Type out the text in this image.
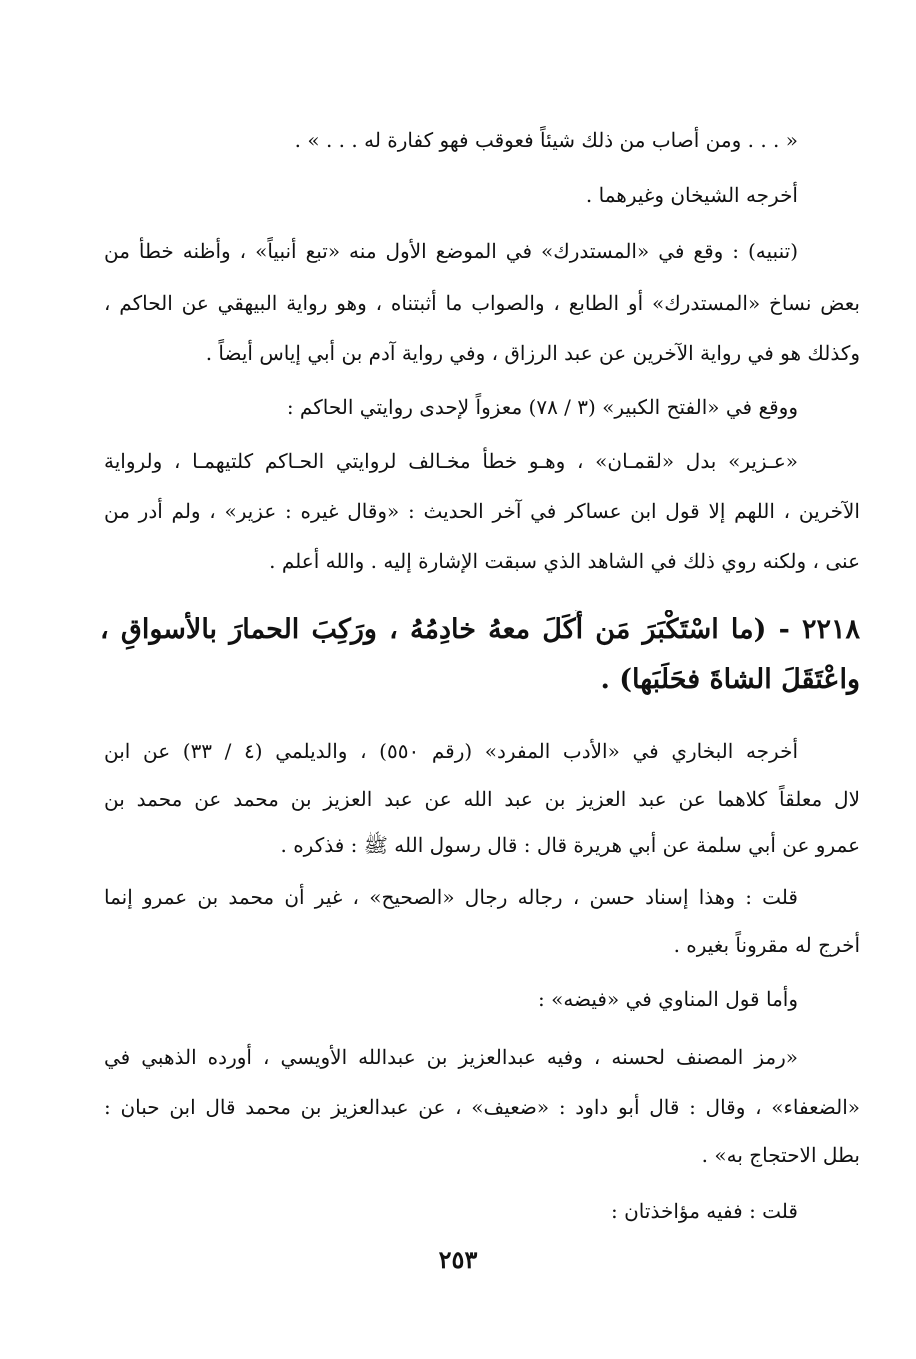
« . . . ومن أصاب من ذلك شيئاً فعوقب فهو كفارة له . . . » .
أخرجه الشيخان وغيرهما .
(تنبيه) : وقع في «المستدرك» في الموضع الأول منه «تبع أنبياً» ، وأظنه خطأ من
بعض نساخ «المستدرك» أو الطابع ، والصواب ما أثبتناه ، وهو رواية البيهقي عن الحاكم ،
وكذلك هو في رواية الآخرين عن عبد الرزاق ، وفي رواية آدم بن أبي إياس أيضاً .
ووقع في «الفتح الكبير» (٣ / ٧٨) معزواً لإحدى روايتي الحاكم :
«عـزير» بدل «لقمـان» ، وهـو خطأ مخـالف لروايتي الحـاكم كلتيهمـا ، ولرواية
الآخرين ، اللهم إلا قول ابن عساكر في آخر الحديث : «وقال غيره : عزير» ، ولم أدر من
عنى ، ولكنه روي ذلك في الشاهد الذي سبقت الإشارة إليه . والله أعلم .
٢٢١٨ - (ما اسْتَكْبَرَ مَن أَكَلَ معهُ خادِمُهُ ، ورَكِبَ الحمارَ بالأسواقِ ،
واعْتَقَلَ الشاةَ فحَلَبَها) .
أخرجه البخاري في «الأدب المفرد» (رقم ٥٥٠) ، والديلمي (٤ / ٣٣) عن ابن
لال معلقاً كلاهما عن عبد العزيز بن عبد الله عن عبد العزيز بن محمد عن محمد بن
عمرو عن أبي سلمة عن أبي هريرة قال : قال رسول الله ﷺ : فذكره .
قلت : وهذا إسناد حسن ، رجاله رجال «الصحيح» ، غير أن محمد بن عمرو إنما
أخرج له مقروناً بغيره .
وأما قول المناوي في «فيضه» :
«رمز المصنف لحسنه ، وفيه عبدالعزيز بن عبدالله الأويسي ، أورده الذهبي في
«الضعفاء» ، وقال : قال أبو داود : «ضعيف» ، عن عبدالعزيز بن محمد قال ابن حبان :
بطل الاحتجاج به» .
قلت : ففيه مؤاخذتان :
٢٥٣
